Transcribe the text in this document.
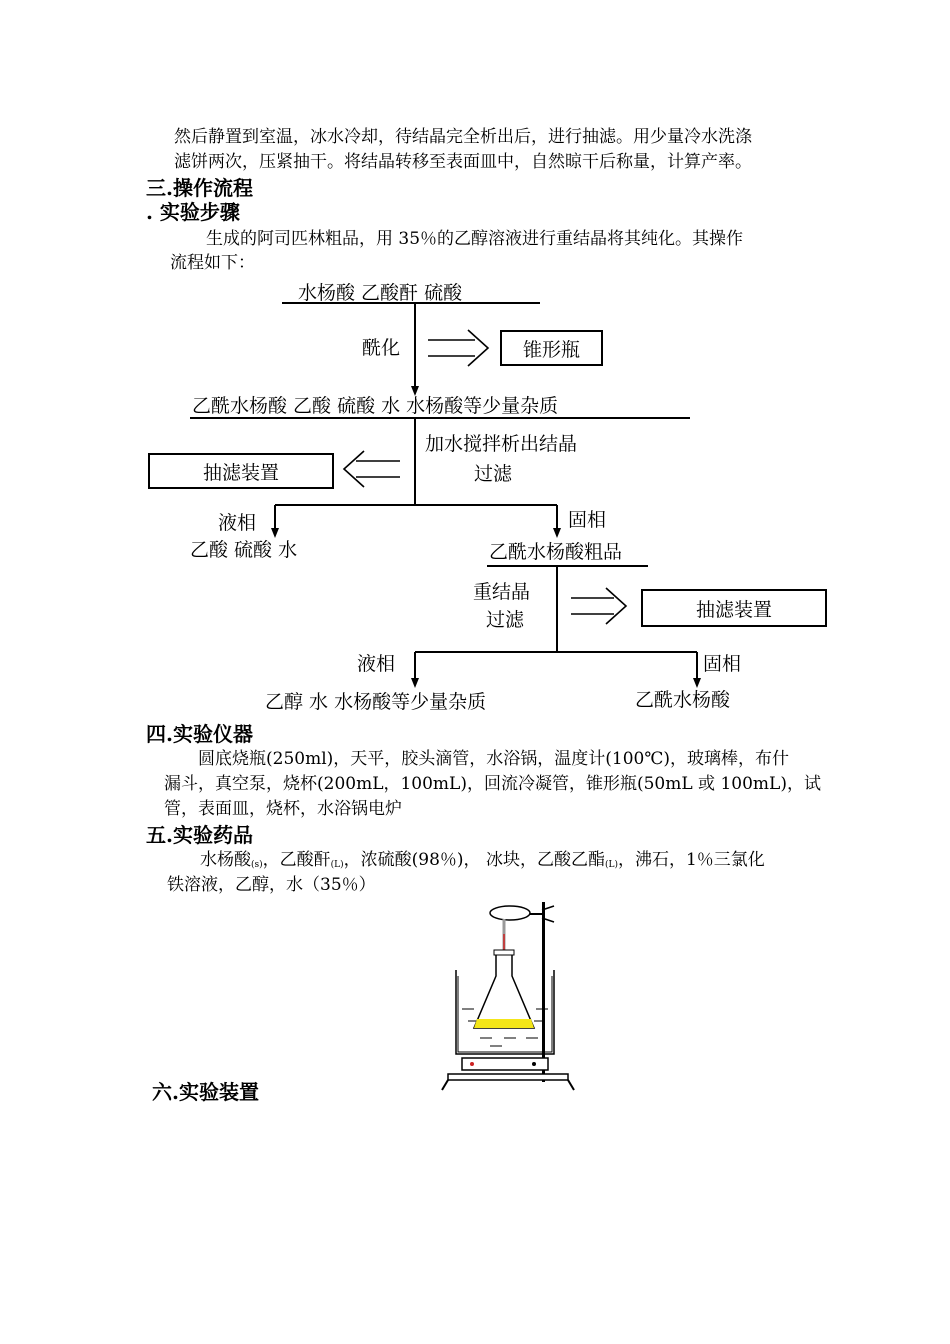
然后静置到室温，冰水冷却，待结晶完全析出后，进行抽滤。用少量冷水洗涤
滤饼两次，压紧抽干。将结晶转移至表面皿中，自然晾干后称量，计算产率。
三.操作流程
. 实验步骤
生成的阿司匹林粗品，用 35％的乙醇溶液进行重结晶将其纯化。其操作
流程如下：
水杨酸 乙酸酐 硫酸
酰化	锥形瓶
乙酰水杨酸 乙酸 硫酸 水 水杨酸等少量杂质
加水搅拌析出结晶
过滤
抽滤装置
液相
乙酸 硫酸 水
固相
乙酰水杨酸粗品
重结晶
过滤	抽滤装置
液相
乙醇 水 水杨酸等少量杂质
固相
乙酰水杨酸
四.实验仪器
圆底烧瓶(250ml)，天平，胶头滴管，水浴锅，温度计(100℃)，玻璃棒，布什
漏斗，真空泵，烧杯(200mL，100mL)，回流冷凝管，锥形瓶(50mL 或 100mL)，试
管，表面皿，烧杯，水浴锅电炉
五.实验药品
水杨酸$_{(s)}$，乙酸酐$_{(L)}$，浓硫酸(98％)， 冰块，乙酸乙酯$_{(L)}$，沸石，1％三氯化
铁溶液，乙醇，水（35％）
六.实验装置
